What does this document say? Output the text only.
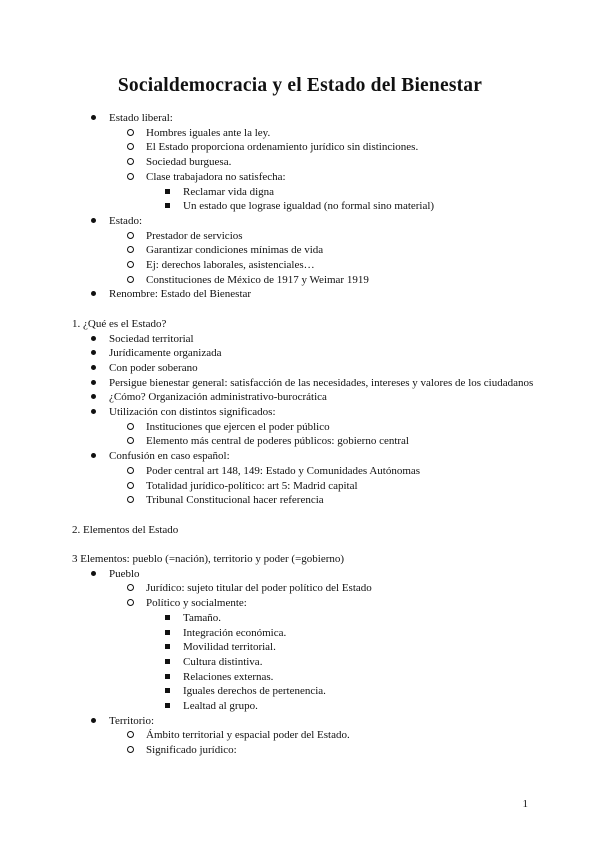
Socialdemocracia y el Estado del Bienestar
Estado liberal:
Hombres iguales ante la ley.
El Estado proporciona ordenamiento jurídico sin distinciones.
Sociedad burguesa.
Clase trabajadora no satisfecha:
Reclamar vida digna
Un estado que lograse igualdad (no formal sino material)
Estado:
Prestador de servicios
Garantizar condiciones mínimas de vida
Ej: derechos laborales, asistenciales…
Constituciones de México de 1917 y Weimar 1919
Renombre: Estado del Bienestar
1. ¿Qué es el Estado?
Sociedad territorial
Jurídicamente organizada
Con poder soberano
Persigue bienestar general: satisfacción de las necesidades, intereses y valores de los ciudadanos
¿Cómo? Organización administrativo-burocrática
Utilización con distintos significados:
Instituciones que ejercen el poder público
Elemento más central de poderes públicos: gobierno central
Confusión en caso español:
Poder central art 148, 149: Estado y Comunidades Autónomas
Totalidad jurídico-político: art 5: Madrid capital
Tribunal Constitucional hacer referencia
2. Elementos del Estado
3 Elementos: pueblo (=nación), territorio y poder (=gobierno)
Pueblo
Jurídico: sujeto titular del poder político del Estado
Político y socialmente:
Tamaño.
Integración económica.
Movilidad territorial.
Cultura distintiva.
Relaciones externas.
Iguales derechos de pertenencia.
Lealtad al grupo.
Territorio:
Ámbito territorial y espacial poder del Estado.
Significado jurídico:
1
